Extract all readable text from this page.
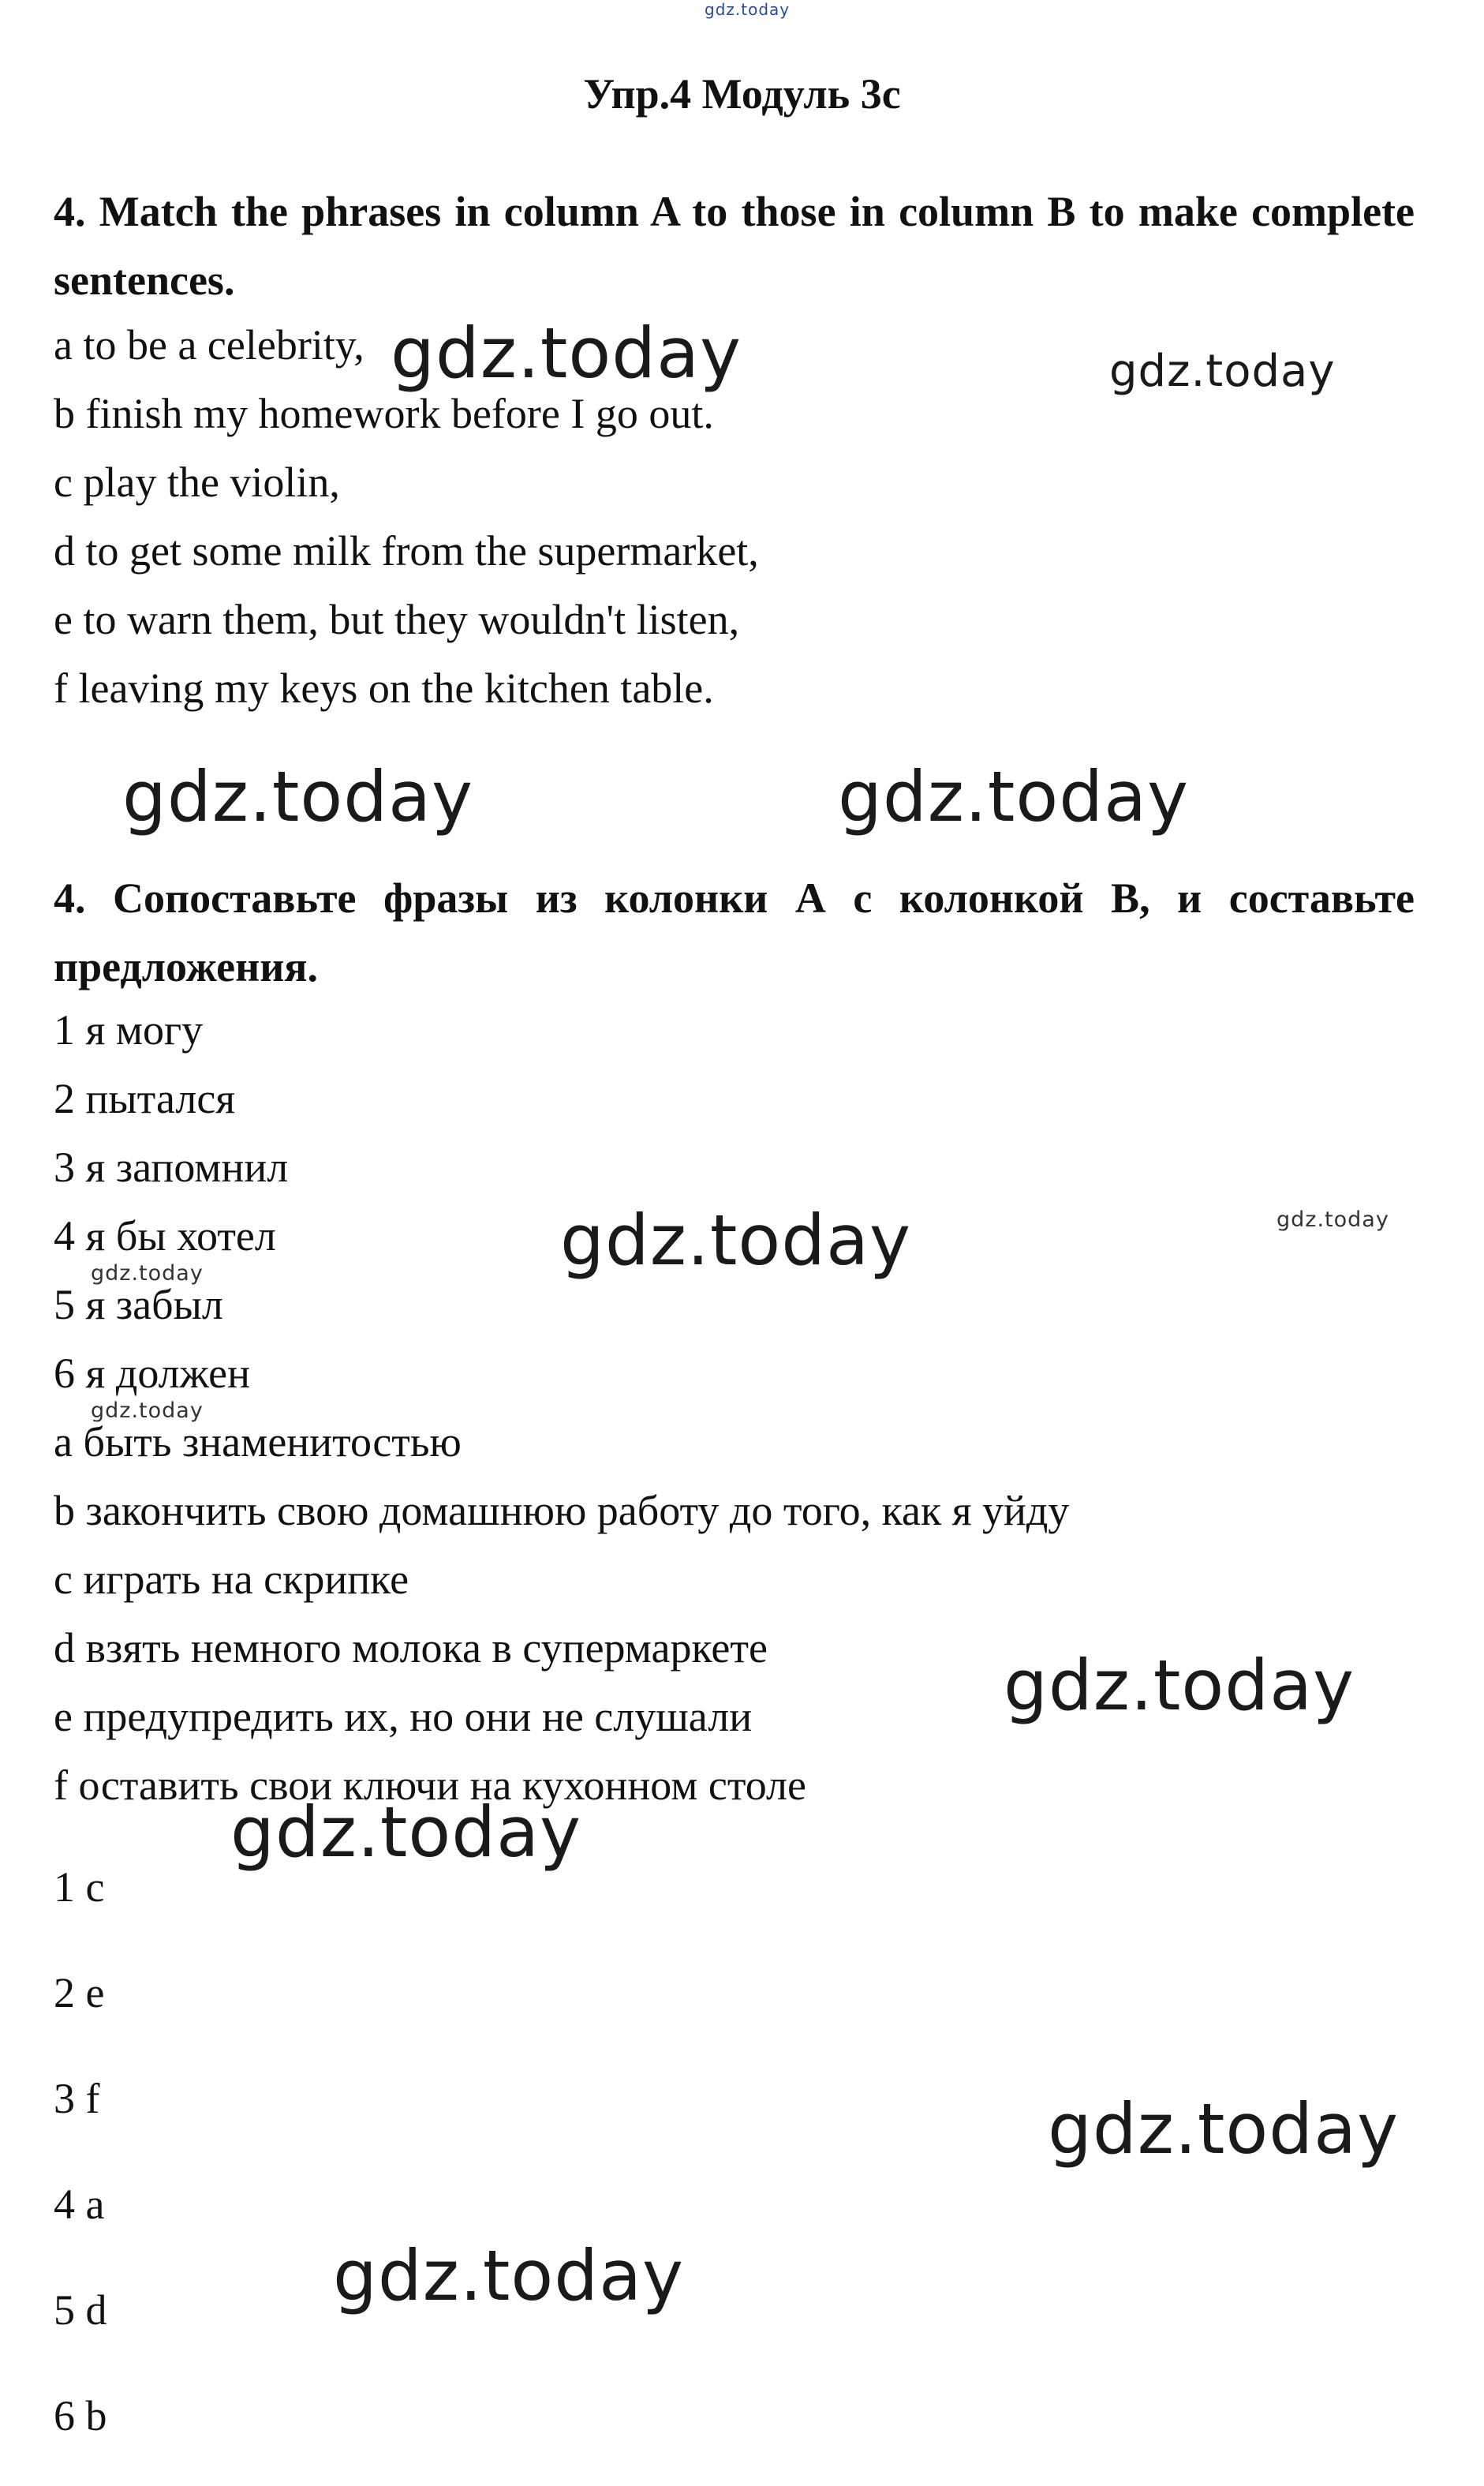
gdz.today
Упр.4 Модуль 3с
4. Match the phrases in column A to those in column B to make complete sentences.
a to be a celebrity,
b finish my homework before I go out.
c play the violin,
d to get some milk from the supermarket,
e to warn them, but they wouldn't listen,
f leaving my keys on the kitchen table.
4. Сопоставьте фразы из колонки А с колонкой В, и составьте предложения.
1 я могу
2 пытался
3 я запомнил
4 я бы хотел
5 я забыл
6 я должен
a быть знаменитостью
b закончить свою домашнюю работу до того, как я уйду
c играть на скрипке
d взять немного молока в супермаркете
e предупредить их, но они не слушали
f оставить свои ключи на кухонном столе
1 c
2 e
3 f
4 a
5 d
6 b
gdz.today	gdz.today
gdz.today	gdz.today
gdz.today	gdz.today
gdz.today
gdz.today
gdz.today
gdz.today
gdz.today
gdz.today
